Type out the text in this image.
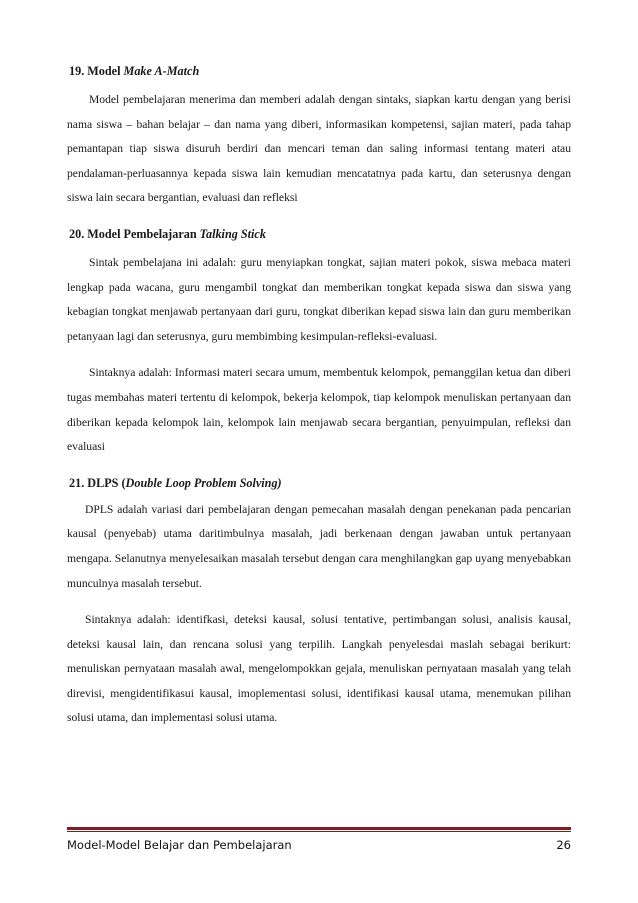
19. Model Make A-Match

Model pembelajaran menerima dan memberi adalah dengan sintaks, siapkan kartu dengan yang berisi nama siswa – bahan belajar – dan nama yang diberi, informasikan kompetensi, sajian materi, pada tahap pemantapan tiap siswa disuruh berdiri dan mencari teman dan saling informasi tentang materi atau pendalaman-perluasannya kepada siswa lain kemudian mencatatnya pada kartu, dan seterusnya dengan siswa lain secara bergantian, evaluasi dan refleksi

20. Model Pembelajaran Talking Stick

Sintak pembelajana ini adalah: guru menyiapkan tongkat, sajian materi pokok, siswa mebaca materi lengkap pada wacana, guru mengambil tongkat dan memberikan tongkat kepada siswa dan siswa yang kebagian tongkat menjawab pertanyaan dari guru, tongkat diberikan kepad siswa lain dan guru memberikan petanyaan lagi dan seterusnya, guru membimbing kesimpulan-refleksi-evaluasi.

Sintaknya adalah: Informasi materi secara umum, membentuk kelompok, pemanggilan ketua dan diberi tugas membahas materi tertentu di kelompok, bekerja kelompok, tiap kelompok menuliskan pertanyaan dan diberikan kepada kelompok lain, kelompok lain menjawab secara bergantian, penyuimpulan, refleksi dan evaluasi

21. DLPS (Double Loop Problem Solving)

DPLS adalah variasi dari pembelajaran dengan pemecahan masalah dengan penekanan pada pencarian kausal (penyebab) utama daritimbulnya masalah, jadi berkenaan dengan jawaban untuk pertanyaan mengapa. Selanutnya menyelesaikan masalah tersebut dengan cara menghilangkan gap uyang menyebabkan munculnya masalah tersebut.

Sintaknya adalah: identifkasi, deteksi kausal, solusi tentative, pertimbangan solusi, analisis kausal, deteksi kausal lain, dan rencana solusi yang terpilih. Langkah penyelesdai maslah sebagai berikurt: menuliskan pernyataan masalah awal, mengelompokkan gejala, menuliskan pernyataan masalah yang telah direvisi, mengidentifikasui kausal, imoplementasi solusi, identifikasi kausal utama, menemukan pilihan solusi utama, dan implementasi solusi utama.

Model-Model Belajar dan Pembelajaran	26
